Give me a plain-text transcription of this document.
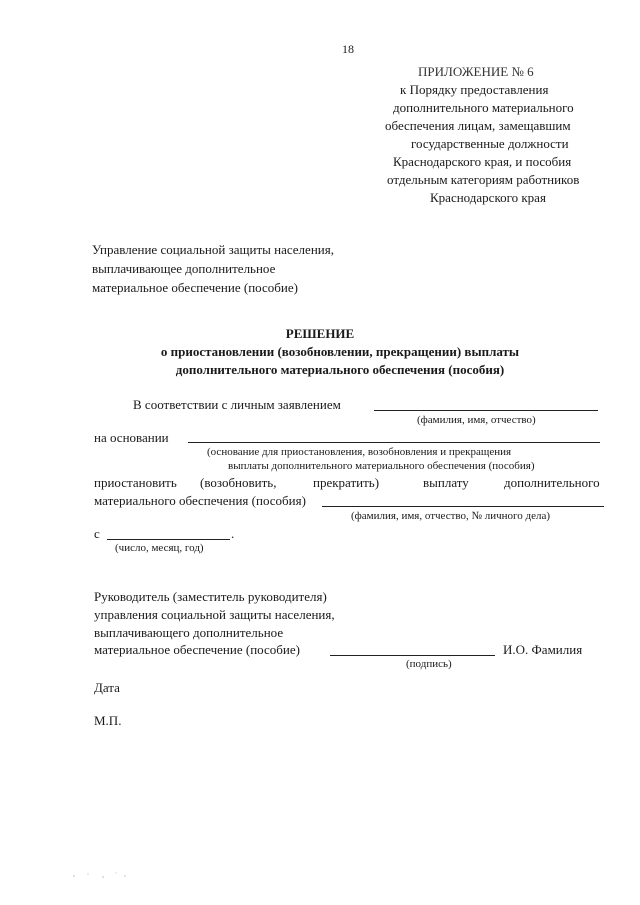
18
ПРИЛОЖЕНИЕ № 6
к Порядку предоставления
дополнительного материального
обеспечения лицам, замещавшим
государственные должности
Краснодарского края, и пособия
отдельным категориям работников
Краснодарского края
Управление социальной защиты населения,
выплачивающее дополнительное
материальное обеспечение (пособие)
РЕШЕНИЕ
о приостановлении (возобновлении, прекращении) выплаты
дополнительного материального обеспечения (пособия)
В соответствии с личным заявлением
(фамилия, имя, отчество)
на основании
(основание для приостановления, возобновления и прекращения
выплаты дополнительного материального обеспечения (пособия)
приостановить (возобновить,	прекратить)	выплату	дополнительного
материального обеспечения (пособия)
(фамилия, имя, отчество, № личного дела)
с	.
(число, месяц, год)
Руководитель (заместитель руководителя)
управления социальной защиты населения,
выплачивающего дополнительное
материальное обеспечение (пособие)	И.О. Фамилия
(подпись)
Дата
М.П.
